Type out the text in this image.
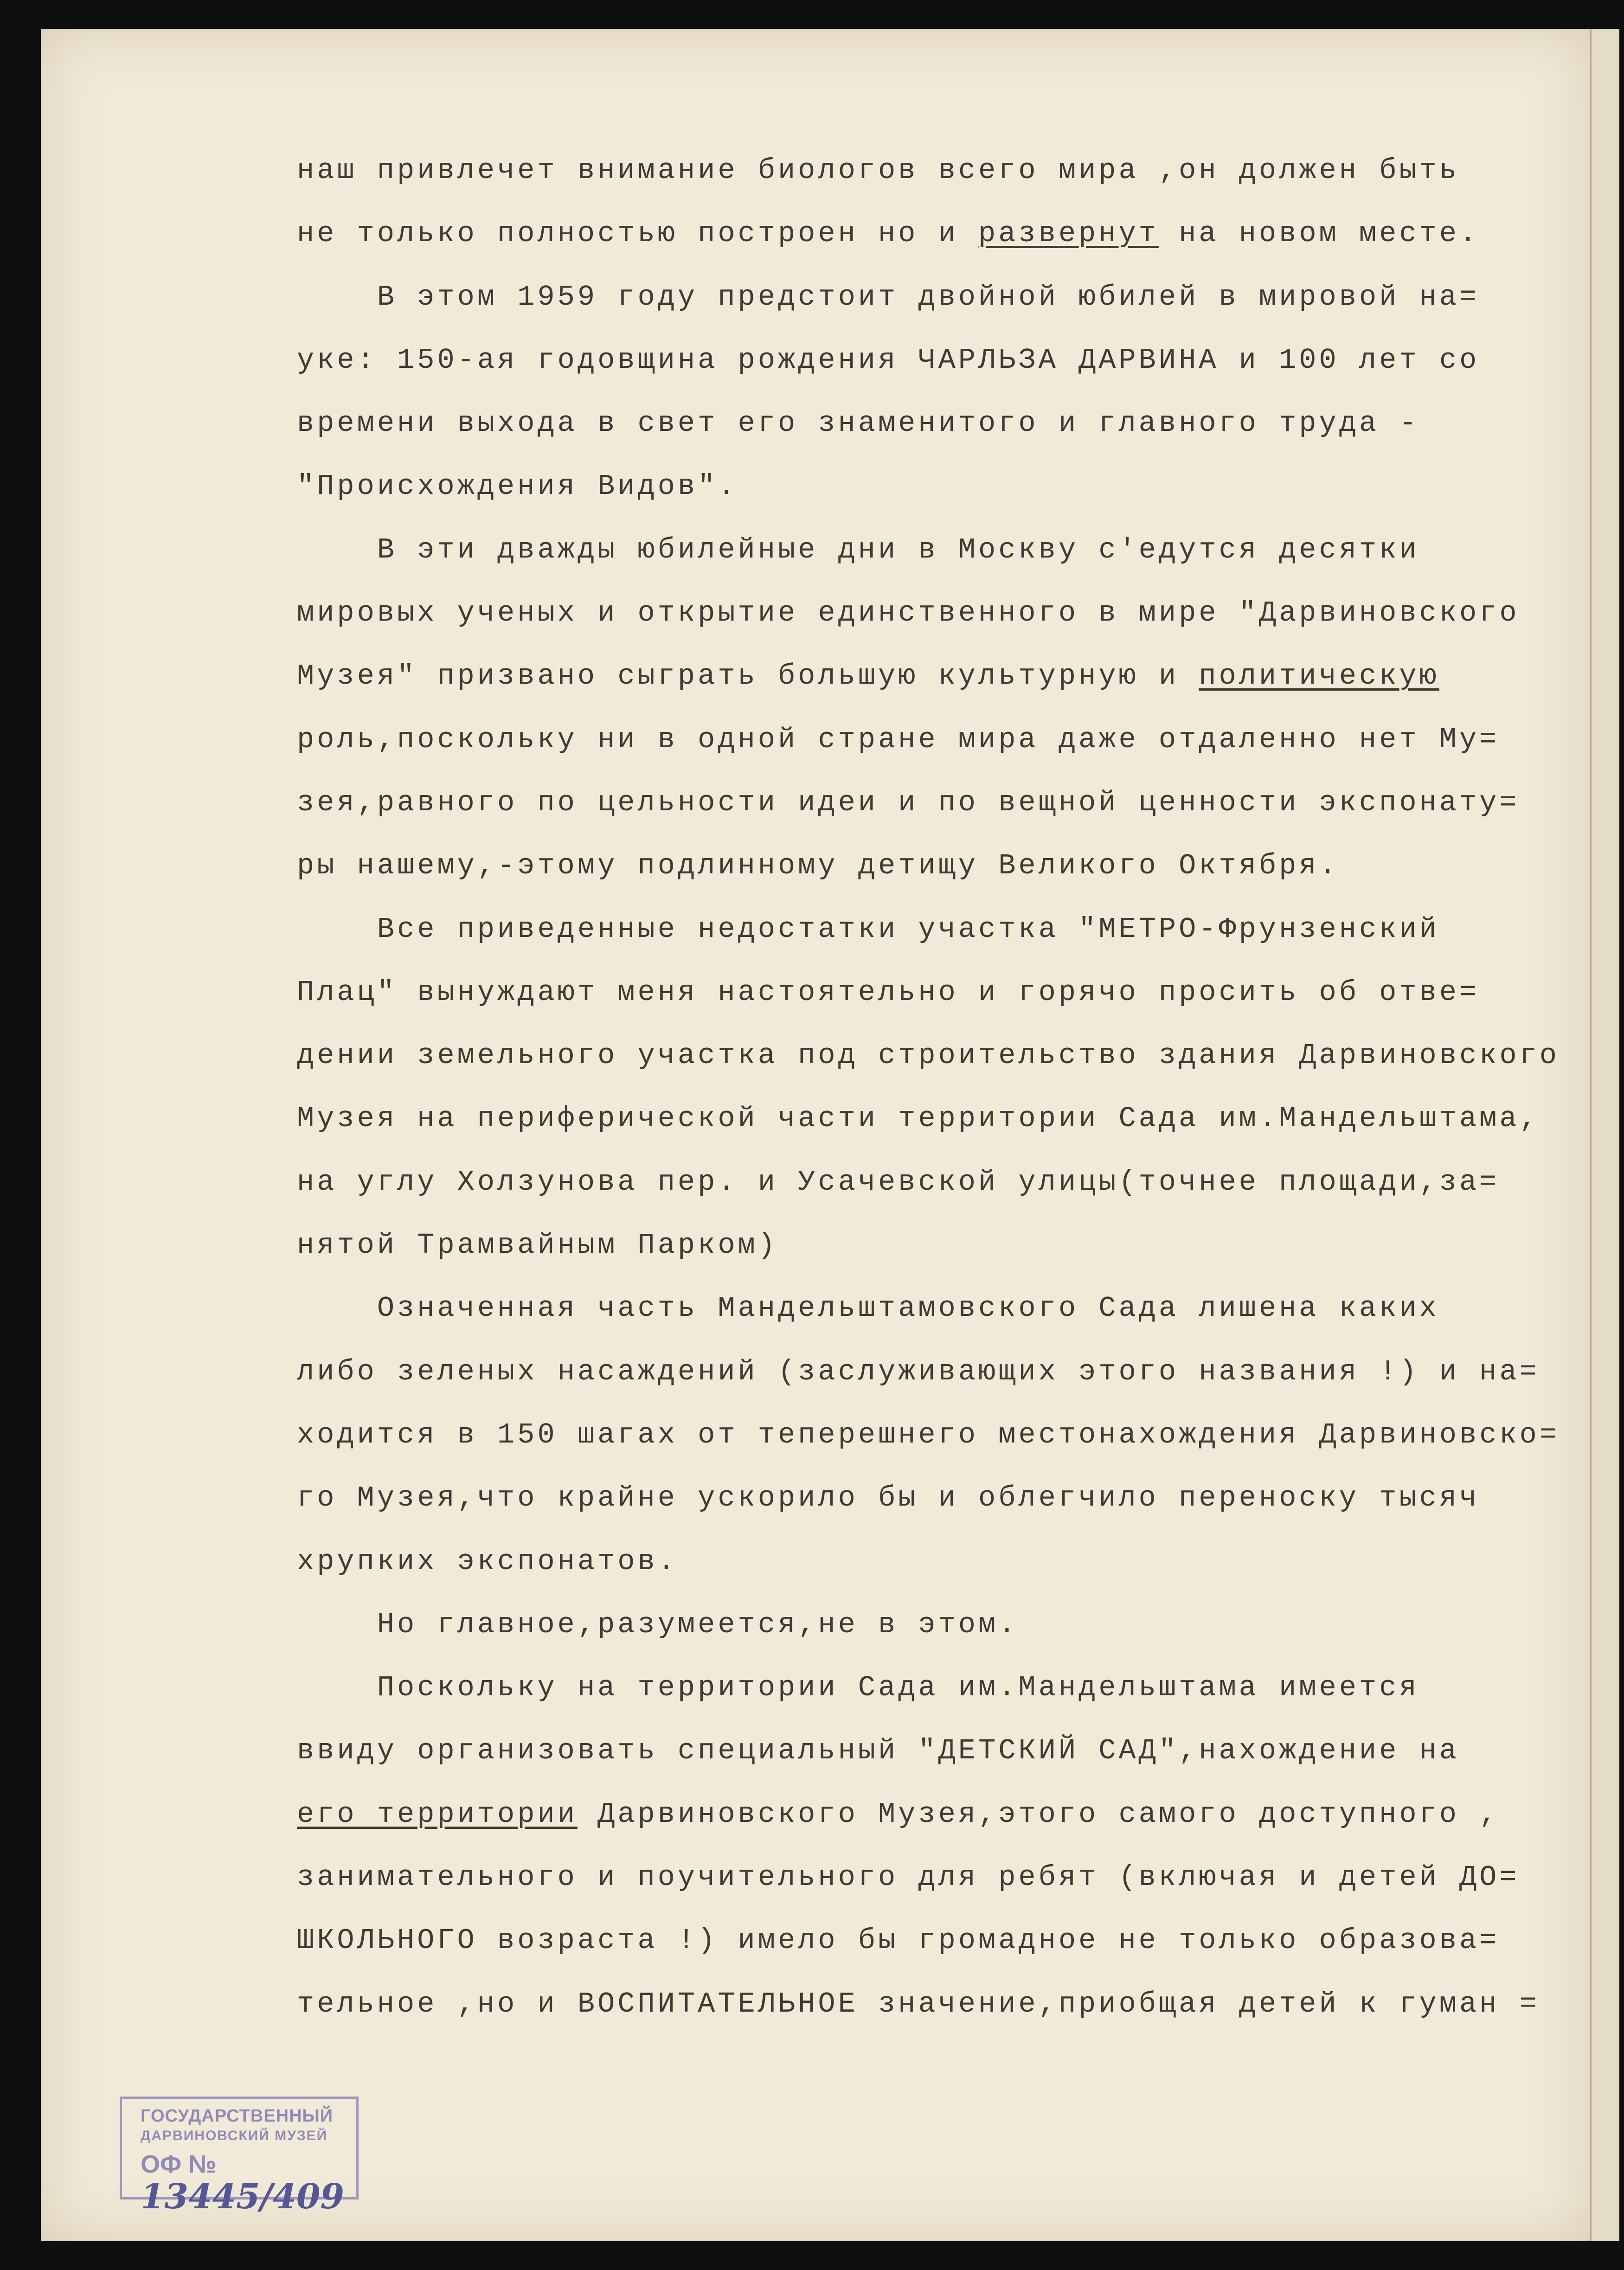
наш привлечет внимание биологов всего мира ,он должен быть
не только полностью построен но и развернут на новом месте.
В этом 1959 году предстоит двойной юбилей в мировой на=
уке: 150-ая годовщина рождения ЧАРЛЬЗА ДАРВИНА и 100 лет со
времени выхода в свет его знаменитого и главного труда -
"Происхождения Видов".
В эти дважды юбилейные дни в Москву с'едутся десятки
мировых ученых и открытие единственного в мире "Дарвиновского
Музея" призвано сыграть большую культурную и политическую
роль,поскольку ни в одной стране мира даже отдаленно нет Му=
зея,равного по цельности идеи и по вещной ценности экспонату=
ры нашему,-этому подлинному детищу Великого Октября.
Все приведенные недостатки участка "МЕТРО-Фрунзенский
Плац" вынуждают меня настоятельно и горячо просить об отве=
дении земельного участка под строительство здания Дарвиновского
Музея на периферической части территории Сада им.Мандельштама,
на углу Холзунова пер. и Усачевской улицы(точнее площади,за=
нятой Трамвайным Парком)
Означенная часть Мандельштамовского Сада лишена каких
либо зеленых насаждений (заслуживающих этого названия !) и на=
ходится в 150 шагах от теперешнего местонахождения Дарвиновско=
го Музея,что крайне ускорило бы и облегчило переноску тысяч
хрупких экспонатов.
Но главное,разумеется,не в этом.
Поскольку на территории Сада им.Мандельштама имеется
ввиду организовать специальный "ДЕТСКИЙ САД",нахождение на
его территории Дарвиновского Музея,этого самого доступного ,
занимательного и поучительного для ребят (включая и детей ДО=
ШКОЛЬНОГО возраста !) имело бы громадное не только образова=
тельное ,но и ВОСПИТАТЕЛЬНОЕ значение,приобщая детей к гуман =
ГОСУДАРСТВЕННЫЙ
ДАРВИНОВСКИЙ МУЗЕЙ
ОФ № 13445/409
